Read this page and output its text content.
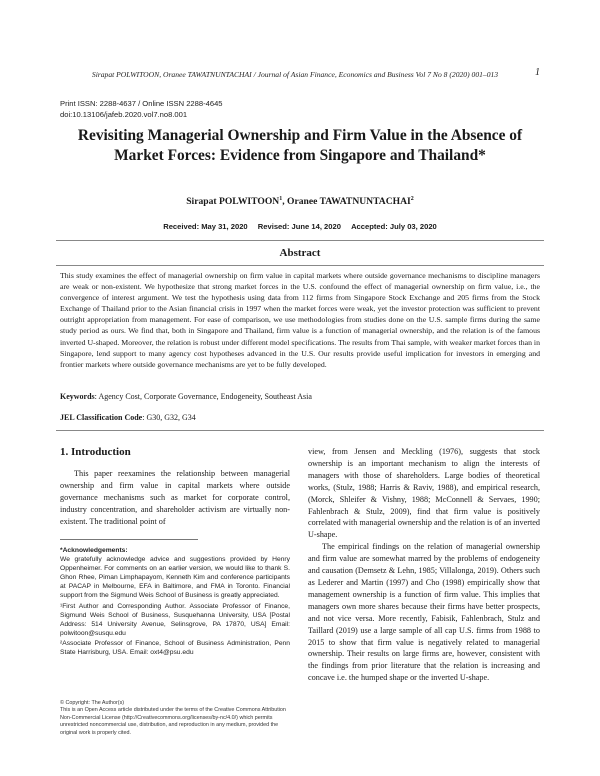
Sirapat POLWITOON, Oranee TAWATNUNTACHAI / Journal of Asian Finance, Economics and Business Vol 7 No 8 (2020) 001–013	1
Print ISSN: 2288-4637 / Online ISSN 2288-4645
doi:10.13106/jafeb.2020.vol7.no8.001
Revisiting Managerial Ownership and Firm Value in the Absence of
Market Forces: Evidence from Singapore and Thailand*
Sirapat POLWITOON$^1$, Oranee TAWATNUNTACHAI$^2$
Received: May 31, 2020 Revised: June 14, 2020 Accepted: July 03, 2020
Abstract
This study examines the effect of managerial ownership on firm value in capital markets where outside governance mechanisms to discipline managers are weak or non-existent. We hypothesize that strong market forces in the U.S. confound the effect of managerial ownership on firm value, i.e., the convergence of interest argument. We test the hypothesis using data from 112 firms from Singapore Stock Exchange and 205 firms from the Stock Exchange of Thailand prior to the Asian financial crisis in 1997 when the market forces were weak, yet the investor protection was sufficient to prevent outright appropriation from management. For ease of comparison, we use methodologies from studies done on the U.S. sample firms during the same study period as ours. We find that, both in Singapore and Thailand, firm value is a function of managerial ownership, and the relation is of the famous inverted U-shaped. Moreover, the relation is robust under different model specifications. The results from Thai sample, with weaker market forces than in Singapore, lend support to many agency cost hypotheses advanced in the U.S. Our results provide useful implication for investors in emerging and frontier markets where outside governance mechanisms are yet to be fully developed.
Keywords: Agency Cost, Corporate Governance, Endogeneity, Southeast Asia
JEL Classification Code: G30, G32, G34
1. Introduction

This paper reexamines the relationship between managerial ownership and firm value in capital markets where outside governance mechanisms such as market for corporate control, industry concentration, and shareholder activism are virtually non-existent. The traditional point of

*Acknowledgements:

We gratefully acknowledge advice and suggestions provided by Henry Oppenheimer. For comments on an earlier version, we would like to thank S. Ghon Rhee, Piman Limphapayom, Kenneth Kim and conference participants at PACAP in Melbourne, EFA in Baltimore, and FMA in Toronto. Financial support from the Sigmund Weis School of Business is greatly appreciated.

¹First Author and Corresponding Author. Associate Professor of Finance, Sigmund Weis School of Business, Susquehanna University, USA [Postal Address: 514 University Avenue, Selinsgrove, PA 17870, USA] Email: polwitoon@susqu.edu

²Associate Professor of Finance, School of Business Administration, Penn State Harrisburg, USA. Email: oxt4@psu.edu

© Copyright: The Author(s)

This is an Open Access article distributed under the terms of the Creative Commons Attribution Non-Commercial License (http://Creativecommons.org/licenses/by-nc/4.0/) which permits unrestricted noncommercial use, distribution, and reproduction in any medium, provided the original work is properly cited.

view, from Jensen and Meckling (1976), suggests that stock ownership is an important mechanism to align the interests of managers with those of shareholders. Large bodies of theoretical works, (Stulz, 1988; Harris & Raviv, 1988), and empirical research, (Morck, Shleifer & Vishny, 1988; McConnell & Servaes, 1990; Fahlenbrach & Stulz, 2009), find that firm value is positively correlated with managerial ownership and the relation is of an inverted U-shape.

The empirical findings on the relation of managerial ownership and firm value are somewhat marred by the problems of endogeneity and causation (Demsetz & Lehn, 1985; Villalonga, 2019). Others such as Lederer and Martin (1997) and Cho (1998) empirically show that management ownership is a function of firm value. This implies that managers own more shares because their firms have better prospects, and not vice versa. More recently, Fabisik, Fahlenbrach, Stulz and Taillard (2019) use a large sample of all cap U.S. firms from 1988 to 2015 to show that firm value is negatively related to managerial ownership. Their results on large firms are, however, consistent with the findings from prior literature that the relation is increasing and concave i.e. the humped shape or the inverted U-shape.
